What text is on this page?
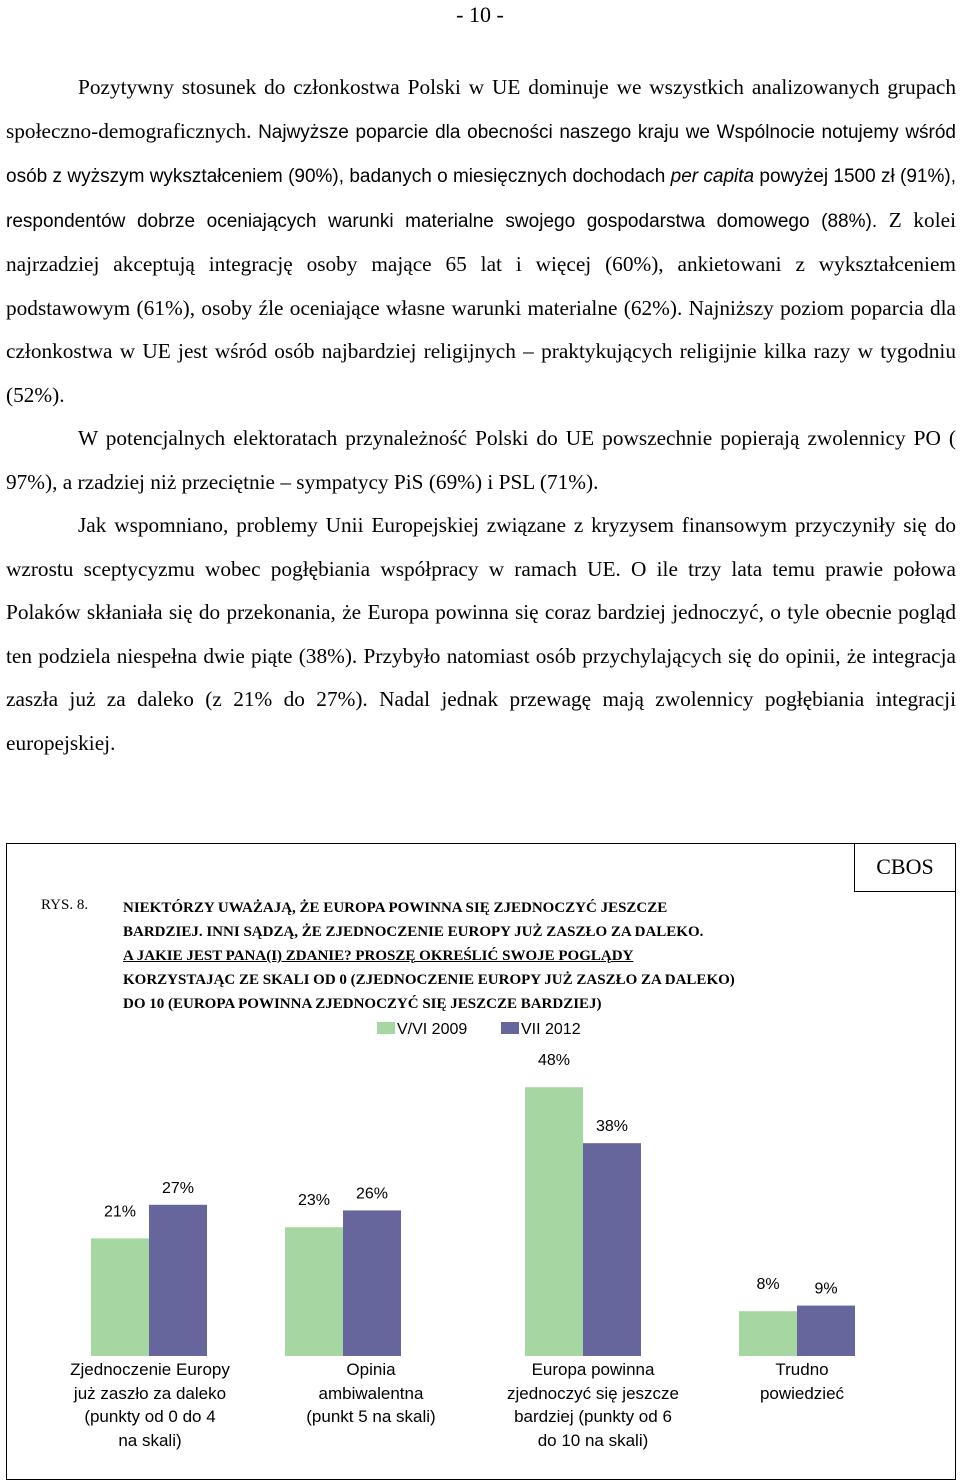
- 10 -

Pozytywny stosunek do członkostwa Polski w UE dominuje we wszystkich analizowanych grupach społeczno-demograficznych. Najwyższe poparcie dla obecności naszego kraju we Wspólnocie notujemy wśród osób z wyższym wykształceniem (90%), badanych o miesięcznych dochodach per capita powyżej 1500 zł (91%), respondentów dobrze oceniających warunki materialne swojego gospodarstwa domowego (88%). Z kolei najrzadziej akceptują integrację osoby mające 65 lat i więcej (60%), ankietowani z wykształceniem podstawowym (61%), osoby źle oceniające własne warunki materialne (62%). Najniższy poziom poparcia dla członkostwa w UE jest wśród osób najbardziej religijnych – praktykujących religijnie kilka razy w tygodniu (52%).

W potencjalnych elektoratach przynależność Polski do UE powszechnie popierają zwolennicy PO ( 97%), a rzadziej niż przeciętnie – sympatycy PiS (69%) i PSL (71%).

Jak wspomniano, problemy Unii Europejskiej związane z kryzysem finansowym przyczyniły się do wzrostu sceptycyzmu wobec pogłębiania współpracy w ramach UE. O ile trzy lata temu prawie połowa Polaków skłaniała się do przekonania, że Europa powinna się coraz bardziej jednoczyć, o tyle obecnie pogląd ten podziela niespełna dwie piąte (38%). Przybyło natomiast osób przychylających się do opinii, że integracja zaszła już za daleko (z 21% do 27%). Nadal jednak przewagę mają zwolennicy pogłębiania integracji europejskiej.

CBOS
RYS. 8. NIEKTÓRZY UWAŻAJĄ, ŻE EUROPA POWINNA SIĘ ZJEDNOCZYĆ JESZCZE
BARDZIEJ. INNI SĄDZĄ, ŻE ZJEDNOCZENIE EUROPY JUŻ ZASZŁO ZA DALEKO.
A JAKIE JEST PANA(I) ZDANIE? PROSZĘ OKREŚLIĆ SWOJE POGLĄDY
KORZYSTAJĄC ZE SKALI OD 0 (ZJEDNOCZENIE EUROPY JUŻ ZASZŁO ZA DALEKO)
DO 10 (EUROPA POWINNA ZJEDNOCZYĆ SIĘ JESZCZE BARDZIEJ)
V/VI 2009	VII 2012
21%
27%
23% 26%
48%
38%
8% 9%
Zjednoczenie Europy
już zaszło za daleko
(punkty od 0 do 4
na skali)
Opinia
ambiwalentna
(punkt 5 na skali)
Europa powinna
zjednoczyć się jeszcze
bardziej (punkty od 6
do 10 na skali)
Trudno
powiedzieć
